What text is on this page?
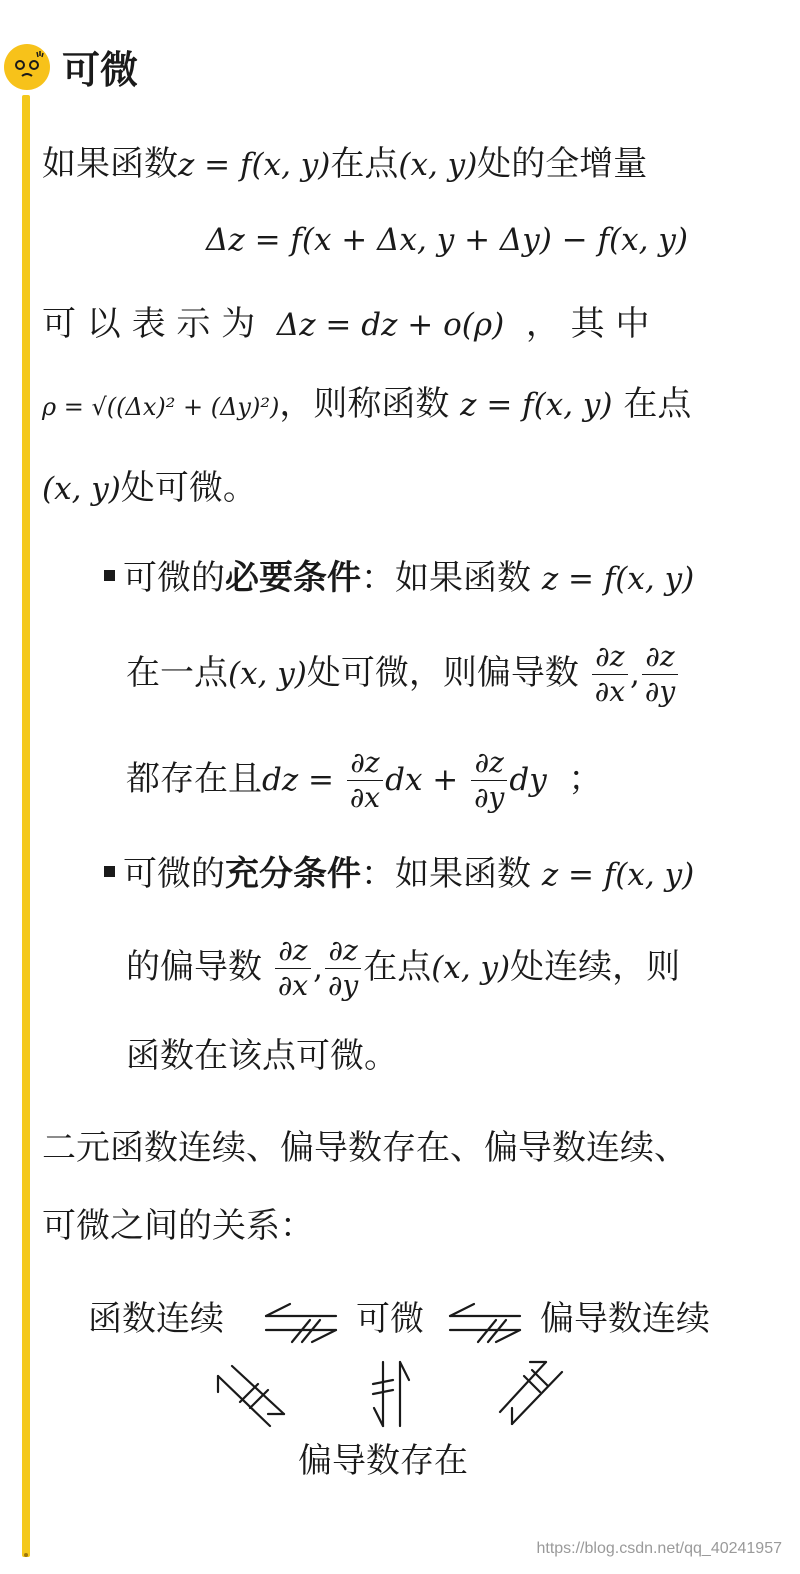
可微
如果函数z = f(x, y)在点(x, y)处的全增量
Δz = f(x + Δx, y + Δy) − f(x, y)
可 以 表 示 为 Δz = dz + o(ρ) ， 其 中
ρ = √((Δx)² + (Δy)²)，则称函数 z = f(x, y) 在点
(x, y)处可微。
可微的必要条件：如果函数 z = f(x, y)
在一点(x, y)处可微，则偏导数 $\frac{\partial z}{\partial x}$ , $\frac{\partial z}{\partial y}$
都存在且dz = $\frac{\partial z}{\partial x}$ dx + $\frac{\partial z}{\partial y}$ dy ；
可微的充分条件：如果函数 z = f(x, y)
的偏导数 $\frac{\partial z}{\partial x}$ , $\frac{\partial z}{\partial y}$ 在点(x, y)处连续，则
函数在该点可微。
二元函数连续、偏导数存在、偏导数连续、
可微之间的关系：
函数连续	可微	偏导数连续
偏导数存在
https://blog.csdn.net/qq_40241957
